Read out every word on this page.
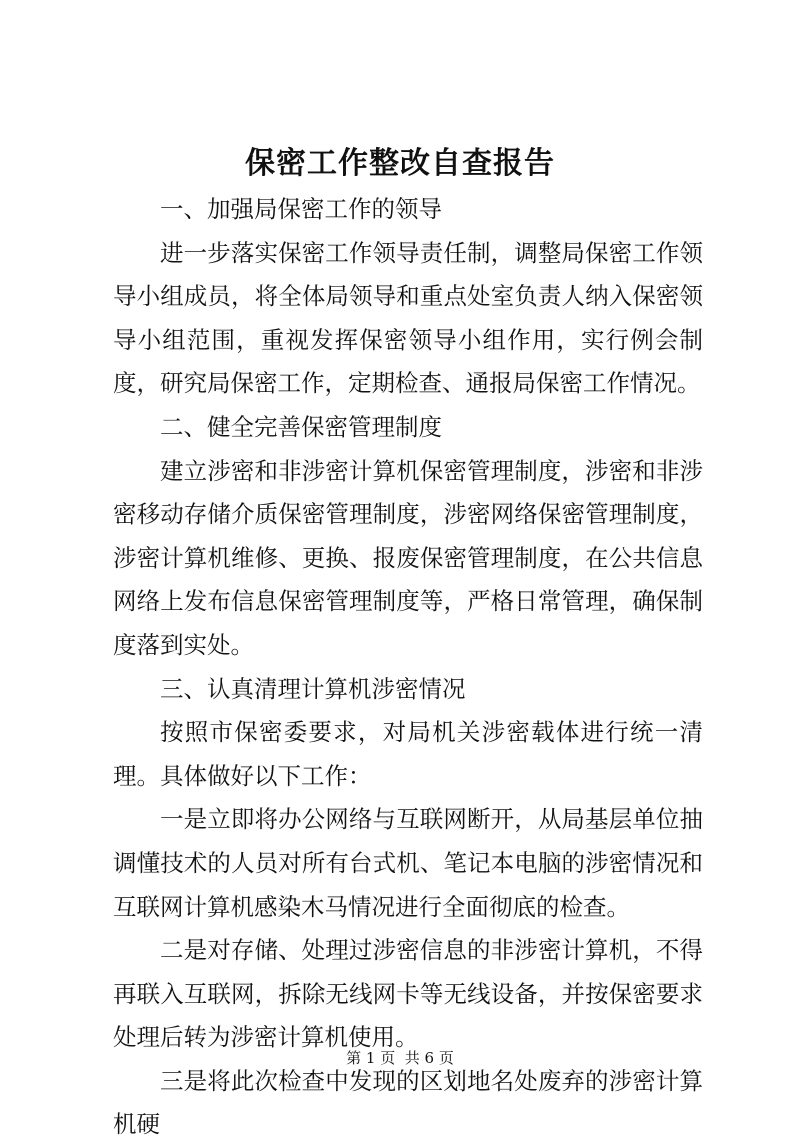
保密工作整改自查报告

一、加强局保密工作的领导

进一步落实保密工作领导责任制，调整局保密工作领导小组成员，将全体局领导和重点处室负责人纳入保密领导小组范围，重视发挥保密领导小组作用，实行例会制度，研究局保密工作，定期检查、通报局保密工作情况。

二、健全完善保密管理制度

建立涉密和非涉密计算机保密管理制度，涉密和非涉密移动存储介质保密管理制度，涉密网络保密管理制度，涉密计算机维修、更换、报废保密管理制度，在公共信息网络上发布信息保密管理制度等，严格日常管理，确保制度落到实处。

三、认真清理计算机涉密情况

按照市保密委要求，对局机关涉密载体进行统一清理。具体做好以下工作：

一是立即将办公网络与互联网断开，从局基层单位抽调懂技术的人员对所有台式机、笔记本电脑的涉密情况和互联网计算机感染木马情况进行全面彻底的检查。

二是对存储、处理过涉密信息的非涉密计算机，不得再联入互联网，拆除无线网卡等无线设备，并按保密要求处理后转为涉密计算机使用。

三是将此次检查中发现的区划地名处废弃的涉密计算机硬

第 1 页 共 6 页
